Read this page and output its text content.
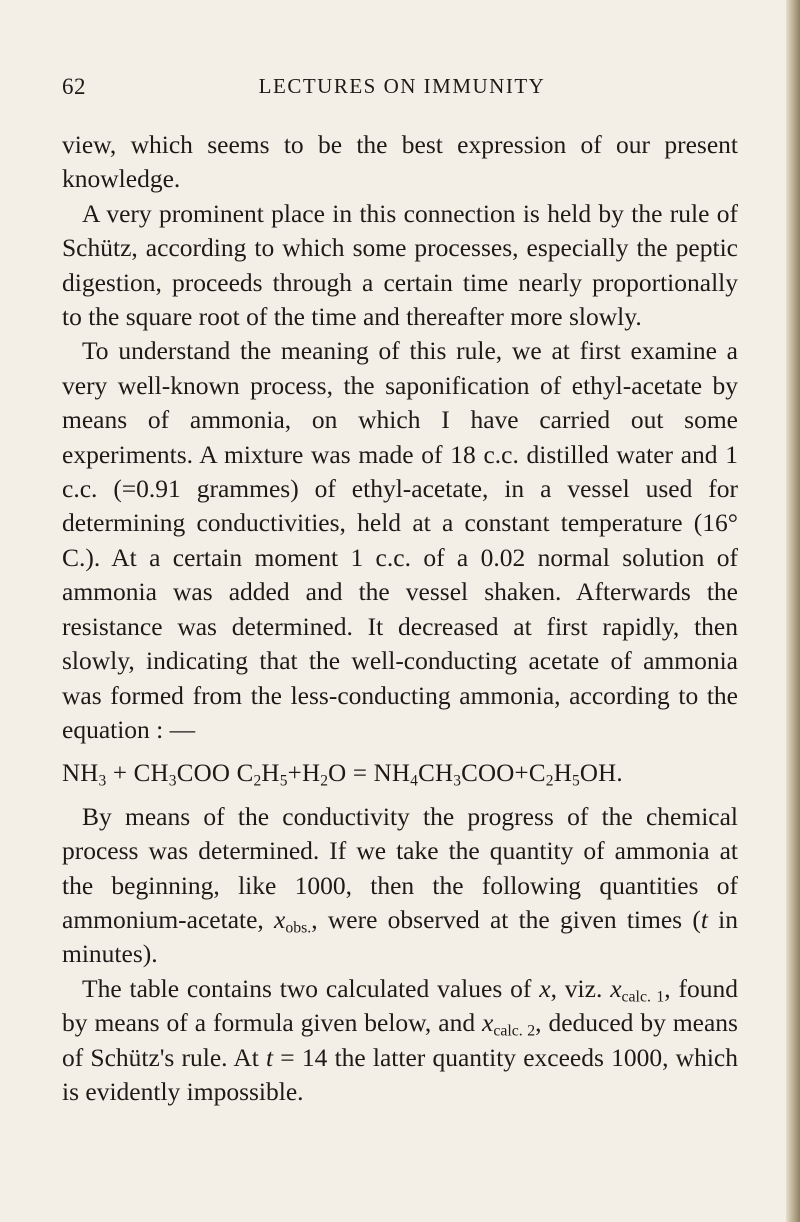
62	LECTURES ON IMMUNITY

view, which seems to be the best expression of our present knowledge.

A very prominent place in this connection is held by the rule of Schütz, according to which some processes, especially the peptic digestion, proceeds through a certain time nearly proportionally to the square root of the time and thereafter more slowly.

To understand the meaning of this rule, we at first examine a very well-known process, the saponification of ethyl-acetate by means of ammonia, on which I have carried out some experiments. A mixture was made of 18 c.c. distilled water and 1 c.c. (=0.91 grammes) of ethyl-acetate, in a vessel used for determining conductivities, held at a constant temperature (16° C.). At a certain moment 1 c.c. of a 0.02 normal solution of ammonia was added and the vessel shaken. Afterwards the resistance was determined. It decreased at first rapidly, then slowly, indicating that the well-conducting acetate of ammonia was formed from the less-conducting ammonia, according to the equation : —

$NH_3 + CH_3COO$ $C_2H_5+H_2O = NH_4CH_3COO+C_2H_5OH$.

By means of the conductivity the progress of the chemical process was determined. If we take the quantity of ammonia at the beginning, like 1000, then the following quantities of ammonium-acetate, $x_{obs.}$, were observed at the given times (t in minutes).

The table contains two calculated values of x, viz. $x_{calc. 1}$, found by means of a formula given below, and $x_{calc. 2}$, deduced by means of Schütz's rule. At t = 14 the latter quantity exceeds 1000, which is evidently impossible.
